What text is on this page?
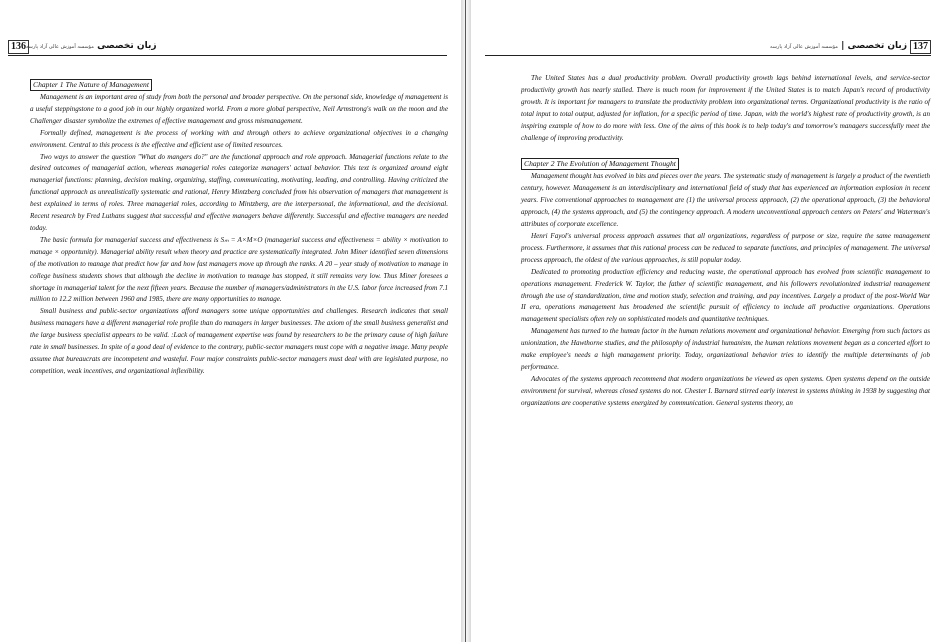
136	زبان تخصصی مؤسسه آموزش عالی آزاد پارسه
Chapter 1 The Nature of Management

Management is an important area of study from both the personal and broader perspective. On the personal side, knowledge of management is a useful steppingstone to a good job in our highly organized world. From a more global perspective, Neil Armstrong's walk on the moon and the Challenger disaster symbolize the extremes of effective management and gross mismanagement.

Formally defined, management is the process of working with and through others to achieve organizational objectives in a changing environment. Central to this process is the effective and efficient use of limited resources.

Two ways to answer the question "What do mangers do?" are the functional approach and role approach. Managerial functions relate to the desired outcomes of managerial action, whereas managerial roles categorize managers' actual behavior. This text is organized around eight managerial functions: planning, decision making, organizing, staffing, communicating, motivating, leading, and controlling. Having criticized the functional approach as unrealistically systematic and rational, Henry Mintzberg concluded from his observation of managers that management is best explained in terms of roles. Three managerial roles, according to Mintzberg, are the interpersonal, the informational, and the decisional. Recent research by Fred Luthans suggest that successful and effective managers behave differently. Successful and effective managers are needed today.

The basic formula for managerial success and effectiveness is Sₘ = A×M×O (managerial success and effectiveness = ability × motivation to manage × opportunity). Managerial ability result when theory and practice are systematically integrated. John Miner identified seven dimensions of the motivation to manage that predict how far and how fast managers move up through the ranks. A 20 – year study of motivation to manage in college business students shows that although the decline in motivation to manage has stopped, it still remains very low. Thus Miner foresees a shortage in managerial talent for the next fifteen years. Because the number of managers/administrators in the U.S. labor force increased from 7.1 million to 12.2 million between 1960 and 1985, there are many opportunities to manage.

Small business and public-sector organizations afford managers some unique opportunities and challenges. Research indicates that small business managers have a different managerial role profile than do managers in larger businesses. The axiom of the small business generalist and the large business specialist appears to be valid. :Lack of management expertise was found by researchers to be the primary cause of high failure rate in small businesses. In spite of a good deal of evidence to the contrary, public-sector managers must cope with a negative image. Many people assume that bureaucrats are incompetent and wasteful. Four major constraints public-sector managers must deal with are legislated purpose, no competition, weak incentives, and organizational inflexibility.

زبان تخصصی | مؤسسه آموزش عالی آزاد پارسه	137

The United States has a dual productivity problem. Overall productivity growth lags behind international levels, and service-sector productivity growth has nearly stalled. There is much room for improvement if the United States is to match Japan's record of productivity growth. It is important for managers to translate the productivity problem into organizational terms. Organizational productivity is the ratio of total input to total output, adjusted for inflation, for a specific period of time. Japan, with the world's highest rate of productivity growth, is an inspiring example of how to do more with less. One of the aims of this book is to help today's and tomorrow's managers successfully meet the challenge of improving productivity.

Chapter 2 The Evolution of Management Thought

Management thought has evolved in bits and pieces over the years. The systematic study of management is largely a product of the twentieth century, however. Management is an interdisciplinary and international field of study that has experienced an information explosion in recent years. Five conventional approaches to management are (1) the universal process approach, (2) the operational approach, (3) the behavioral approach, (4) the systems approach, and (5) the contingency approach. A modern unconventional approach centers on Peters' and Waterman's attributes of corporate excellence.

Henri Fayol's universal process approach assumes that all organizations, regardless of purpose or size, require the same management process. Furthermore, it assumes that this rational process can be reduced to separate functions, and principles of management. The universal process approach, the oldest of the various approaches, is still popular today.

Dedicated to promoting production efficiency and reducing waste, the operational approach has evolved from scientific management to operations management. Frederick W. Taylor, the father of scientific management, and his followers revolutionized industrial management through the use of standardization, time and motion study, selection and training, and pay incentives. Largely a product of the post-World War II era, operations management has broadened the scientific pursuit of efficiency to include all productive organizations. Operations management specialists often rely on sophisticated models and quantitative techniques.

Management has turned to the human factor in the human relations movement and organizational behavior. Emerging from such factors as unionization, the Hawthorne studies, and the philosophy of industrial humanism, the human relations movement began as a concerted effort to make employee's needs a high management priority. Today, organizational behavior tries to identify the multiple determinants of job performance.

Advocates of the systems approach recommend that modern organizations be viewed as open systems. Open systems depend on the outside environment for survival, whereas closed systems do not. Chester I. Barnard stirred early interest in systems thinking in 1938 by suggesting that organizations are cooperative systems energized by communication. General systems theory, an
